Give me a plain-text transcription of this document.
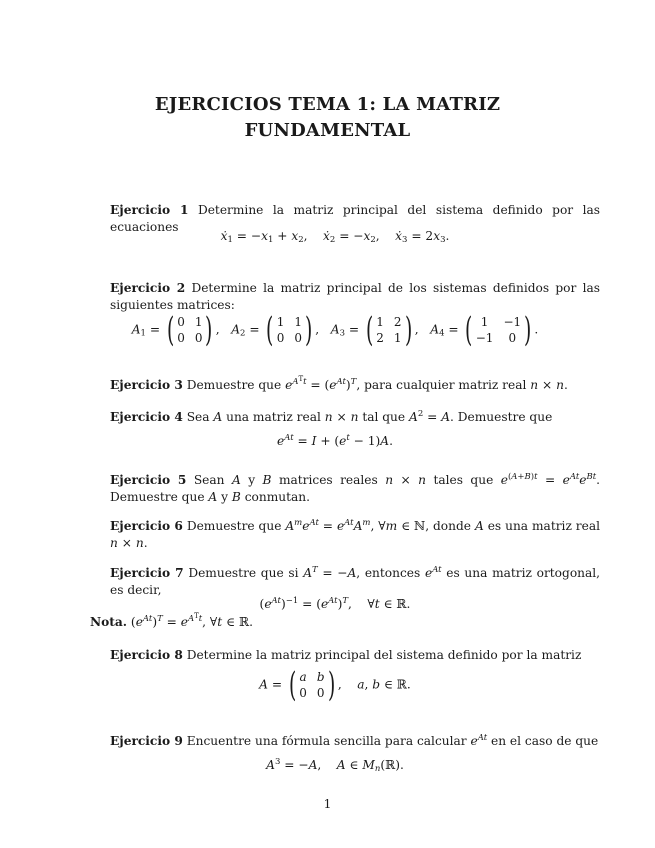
EJERCICIOS TEMA 1: LA MATRIZ
FUNDAMENTAL
Ejercicio 1 Determine la matriz principal del sistema definido por las ecuaciones
$ẋ_1 = -x_1 + x_2$,    $ẋ_2 = -x_2$,    $ẋ_3 = 2x_3$.
Ejercicio 2 Determine la matriz principal de los sistemas definidos por las siguientes matrices:
$A_1$ = ( 0 1
0 0 ) ,   $A_2$ = ( 1 1
0 0 ) ,   $A_3$ = ( 1 2
2 1 ) ,   $A_4$ = ( 1	−1
−1	0 ) .
Ejercicio 3 Demuestre que $e^{A^Tt} = (e^{At})^T$, para cualquier matriz real n × n.
Ejercicio 4 Sea A una matriz real n × n tal que $A^2 = A$. Demuestre que
$e^{At} = I + (e^t - 1)A$.
Ejercicio 5 Sean A y B matrices reales n × n tales que $e^{(A+B)t} = e^{At}e^{Bt}$. Demuestre que A y B conmutan.
Ejercicio 6 Demuestre que $A^me^{At} = e^{At}A^m$, ∀m ∈ ℕ, donde A es una matriz real n × n.
Ejercicio 7 Demuestre que si $A^T = -A$, entonces $e^{At}$ es una matriz ortogonal, es decir,
$(e^{At})^{-1} = (e^{At})^T$,    ∀t ∈ ℝ.
Nota. $(e^{At})^T = e^{A^Tt}$, ∀t ∈ ℝ.
Ejercicio 8 Determine la matriz principal del sistema definido por la matriz
A = ( a b
0 0 ) ,    a, b ∈ ℝ.
Ejercicio 9 Encuentre una fórmula sencilla para calcular $e^{At}$ en el caso de que
$A^3 = -A$,    A ∈ $M_n(ℝ)$.
1
